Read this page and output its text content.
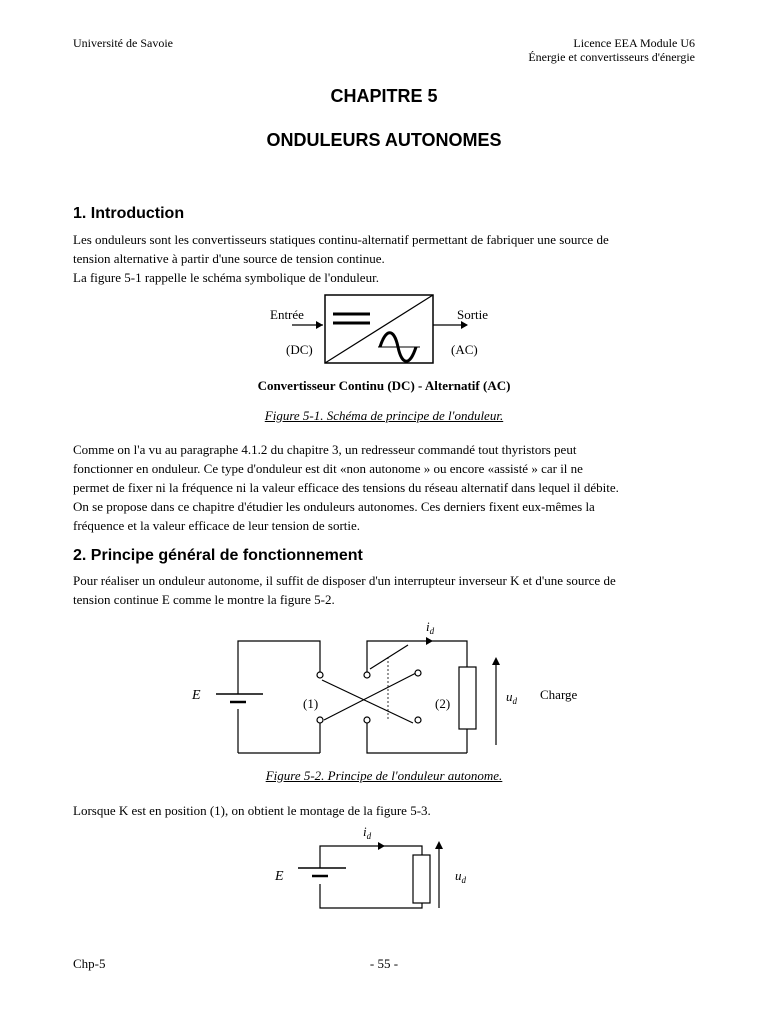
Université de Savoie	Licence EEA Module U6
Énergie et convertisseurs d'énergie
CHAPITRE 5
ONDULEURS AUTONOMES
1. Introduction
Les onduleurs sont les convertisseurs statiques continu-alternatif permettant de fabriquer une source de
tension alternative à partir d'une source de tension continue.
La figure 5-1 rappelle le schéma symbolique de l'onduleur.
Entrée
(DC)
Sortie
(AC)
Convertisseur Continu (DC) - Alternatif (AC)
Figure 5-1. Schéma de principe de l'onduleur.
Comme on l'a vu au paragraphe 4.1.2 du chapitre 3, un redresseur commandé tout thyristors peut
fonctionner en onduleur. Ce type d'onduleur est dit «non autonome » ou encore «assisté » car il ne
permet de fixer ni la fréquence ni la valeur efficace des tensions du réseau alternatif dans lequel il débite.
On se propose dans ce chapitre d'étudier les onduleurs autonomes. Ces derniers fixent eux-mêmes la
fréquence et la valeur efficace de leur tension de sortie.
2. Principe général de fonctionnement
Pour réaliser un onduleur autonome, il suffit de disposer d'un interrupteur inverseur K et d'une source de
tension continue E comme le montre la figure 5-2.
E
$i_d$
(1)	(2)	$u_d$ Charge
Figure 5-2. Principe de l'onduleur autonome.
Lorsque K est en position (1), on obtient le montage de la figure 5-3.
E
$i_d$
$u_d$
Chp-5	- 55 -
